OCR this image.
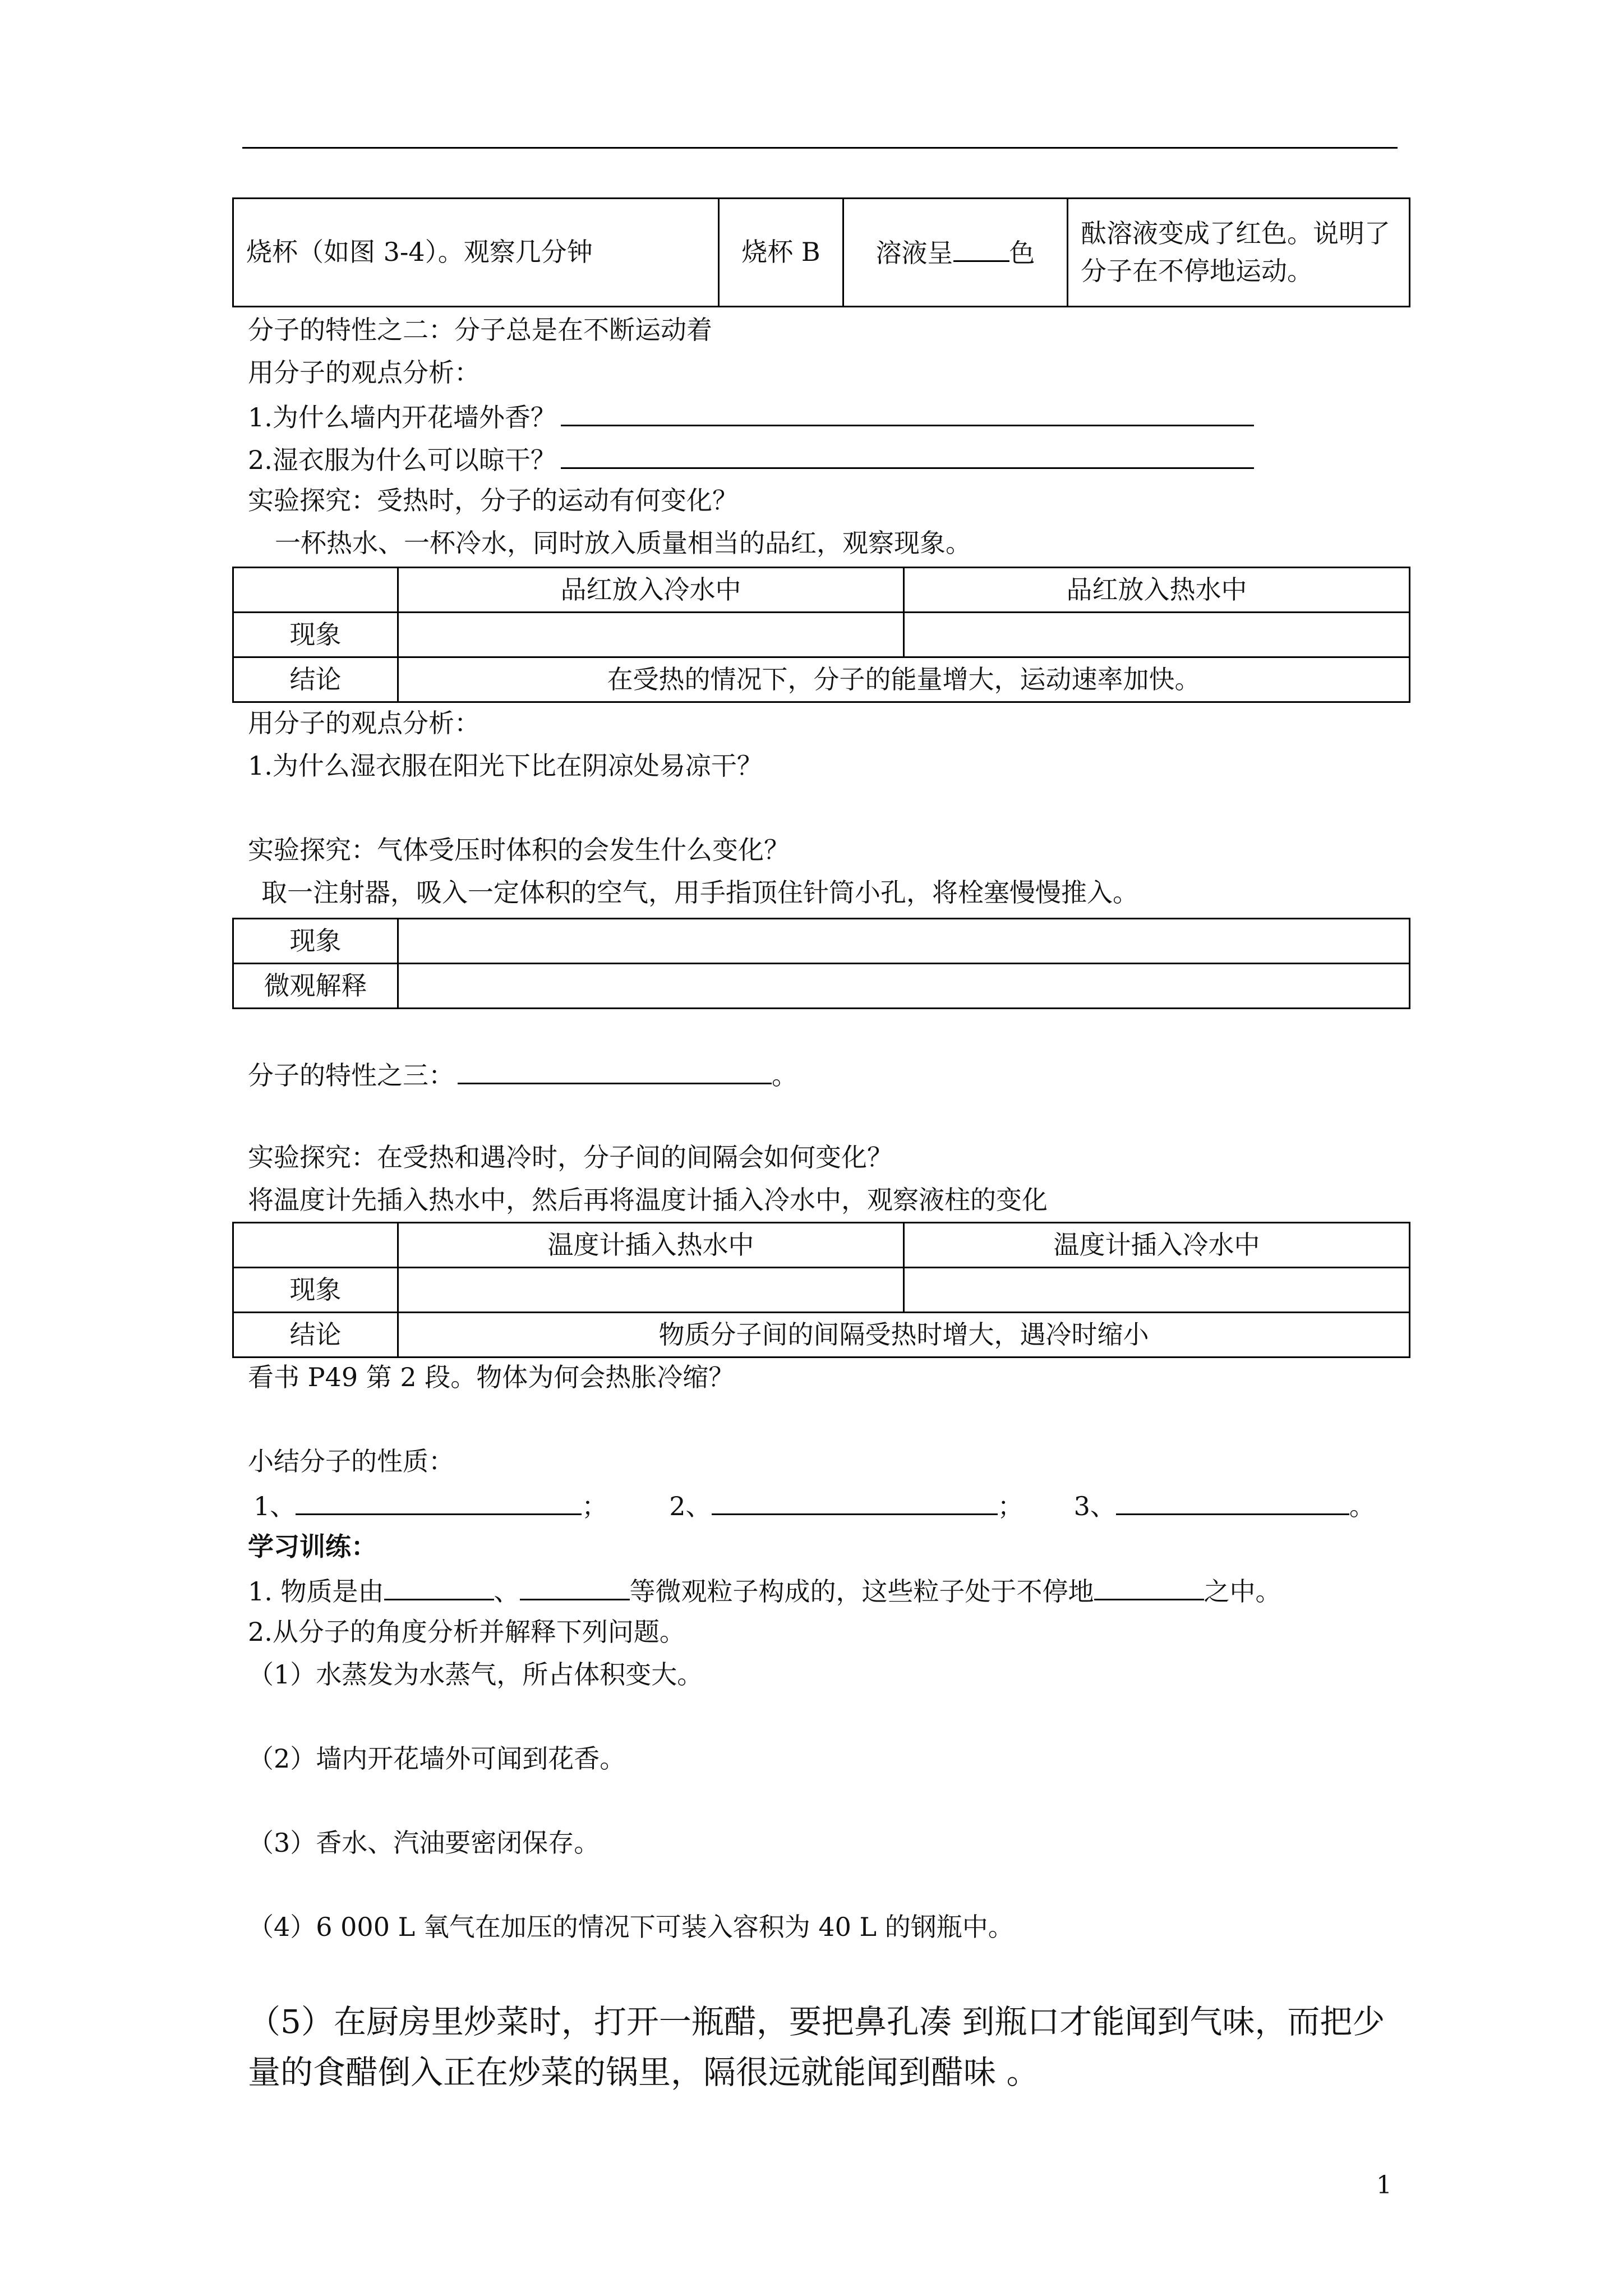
烧杯（如图 3-4）。观察几分钟	烧杯 B	溶液呈 色	酞溶液变成了红色。说明了分子在不停地运动。
分子的特性之二：分子总是在不断运动着
用分子的观点分析：
1.为什么墙内开花墙外香？
2.湿衣服为什么可以晾干？
实验探究：受热时，分子的运动有何变化？
一杯热水、一杯冷水，同时放入质量相当的品红，观察现象。
	品红放入冷水中	品红放入热水中
现象		
结论	在受热的情况下，分子的能量增大，运动速率加快。	
用分子的观点分析：
1.为什么湿衣服在阳光下比在阴凉处易凉干？
实验探究：气体受压时体积的会发生什么变化？
取一注射器，吸入一定体积的空气，用手指顶住针筒小孔，将栓塞慢慢推入。
现象	
微观解释	
分子的特性之三：	。
实验探究：在受热和遇冷时，分子间的间隔会如何变化？
将温度计先插入热水中，然后再将温度计插入冷水中，观察液柱的变化
	温度计插入热水中	温度计插入冷水中
现象		
结论	物质分子间的间隔受热时增大，遇冷时缩小	
看书 P49 第 2 段。物体为何会热胀冷缩？
小结分子的性质：
1、	； 2、	； 3、	。
学习训练：
1. 物质是由	、	等微观粒子构成的，这些粒子处于不停地	之中。
2.从分子的角度分析并解释下列问题。
（1）水蒸发为水蒸气，所占体积变大。
（2）墙内开花墙外可闻到花香。
（3）香水、汽油要密闭保存。
（4）6 000 L 氧气在加压的情况下可装入容积为 40 L 的钢瓶中。
（5）在厨房里炒菜时，打开一瓶醋，要把鼻孔凑 到瓶口才能闻到气味，而把少
量的食醋倒入正在炒菜的锅里，隔很远就能闻到醋味 。
1
